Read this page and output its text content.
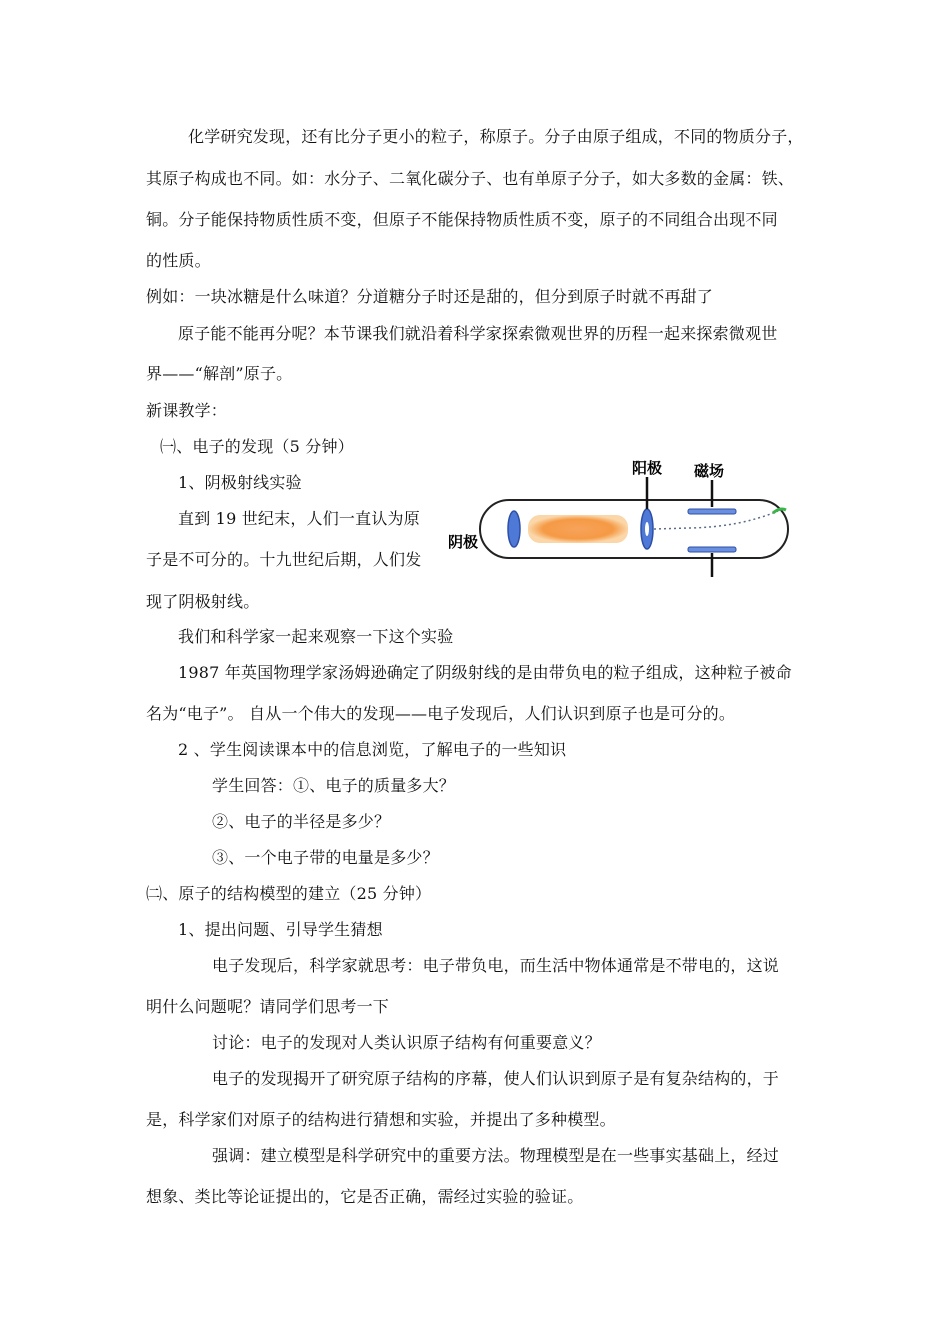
化学研究发现，还有比分子更小的粒子，称原子。分子由原子组成，不同的物质分子，
其原子构成也不同。如：水分子、二氧化碳分子、也有单原子分子，如大多数的金属：铁、
铜。分子能保持物质性质不变，但原子不能保持物质性质不变，原子的不同组合出现不同
的性质。
例如：一块冰糖是什么味道？分道糖分子时还是甜的，但分到原子时就不再甜了
原子能不能再分呢？本节课我们就沿着科学家探索微观世界的历程一起来探索微观世
界——“解剖”原子。
新课教学：
㈠、电子的发现（5 分钟）
1、阴极射线实验
直到 19 世纪末，人们一直认为原
子是不可分的。十九世纪后期，人们发
现了阴极射线。
我们和科学家一起来观察一下这个实验
1987 年英国物理学家汤姆逊确定了阴级射线的是由带负电的粒子组成，这种粒子被命
名为“电子”。 自从一个伟大的发现——电子发现后，人们认识到原子也是可分的。
2 、学生阅读课本中的信息浏览，了解电子的一些知识
学生回答：①、电子的质量多大？
②、电子的半径是多少？
③、一个电子带的电量是多少？
㈡、原子的结构模型的建立（25 分钟）
1、提出问题、引导学生猜想
电子发现后，科学家就思考：电子带负电，而生活中物体通常是不带电的，这说
明什么问题呢？请同学们思考一下
讨论：电子的发现对人类认识原子结构有何重要意义？
电子的发现揭开了研究原子结构的序幕，使人们认识到原子是有复杂结构的，于
是，科学家们对原子的结构进行猜想和实验，并提出了多种模型。
强调：建立模型是科学研究中的重要方法。物理模型是在一些事实基础上，经过
想象、类比等论证提出的，它是否正确，需经过实验的验证。
阳极 磁场
阴极
